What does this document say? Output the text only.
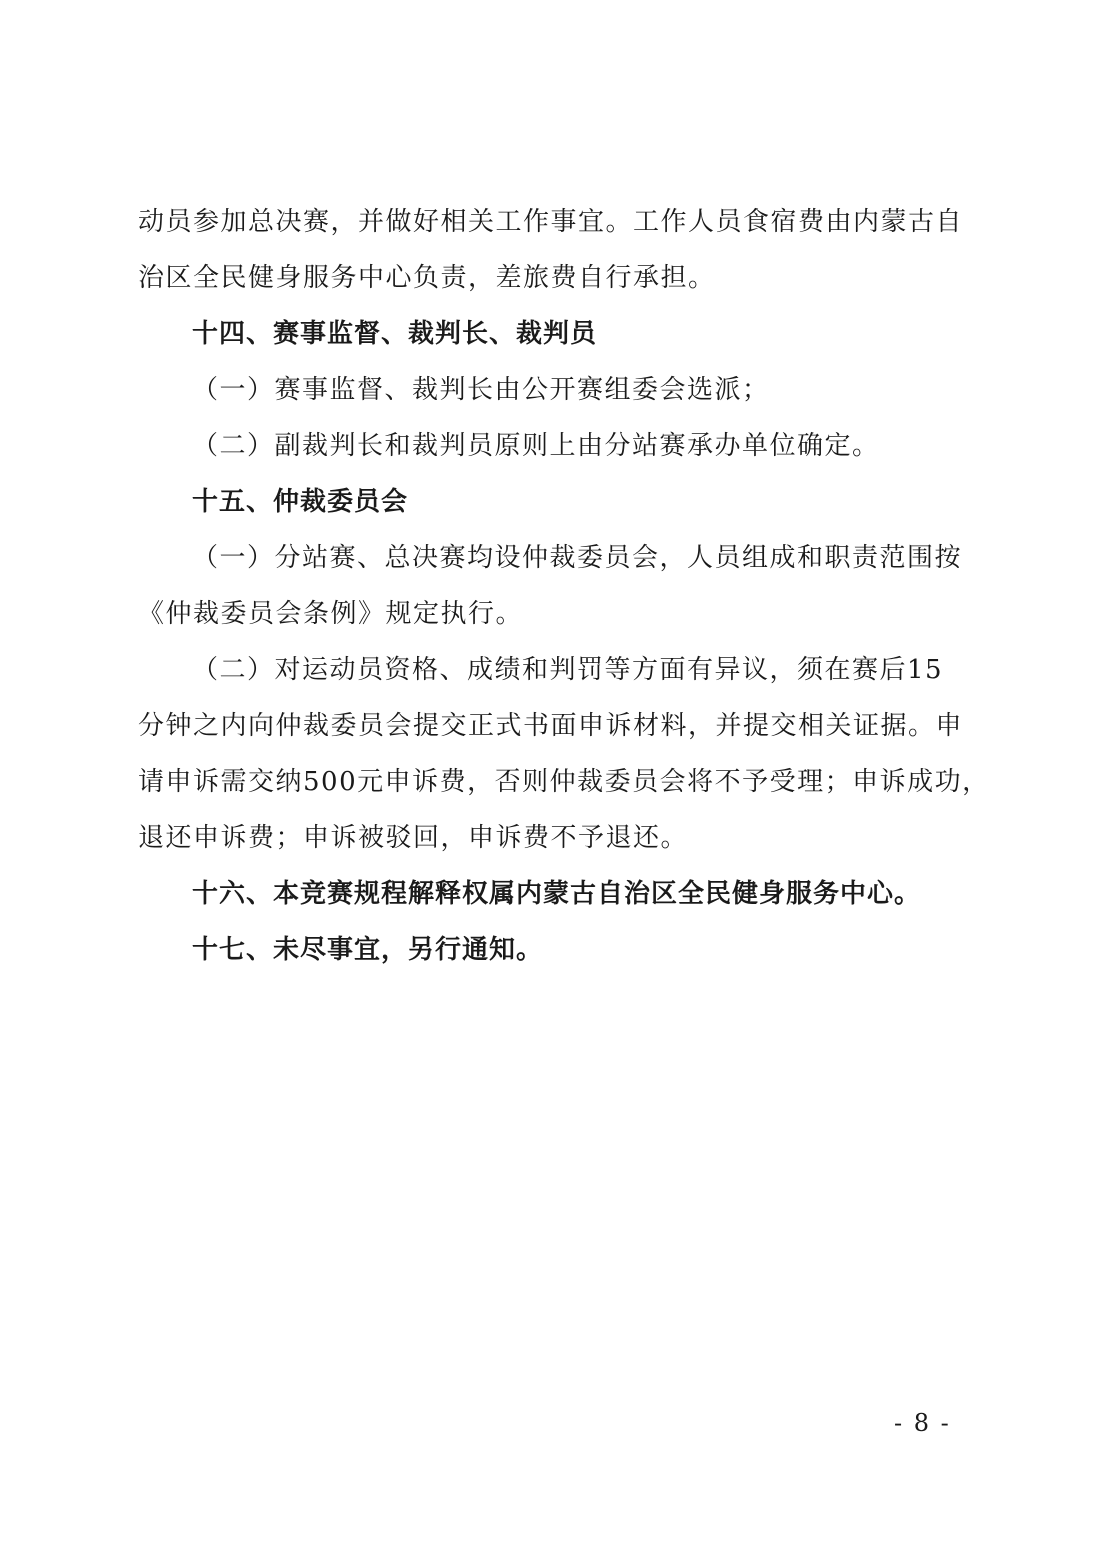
动员参加总决赛，并做好相关工作事宜。工作人员食宿费由内蒙古自
治区全民健身服务中心负责，差旅费自行承担。
十四、赛事监督、裁判长、裁判员
（一）赛事监督、裁判长由公开赛组委会选派；
（二）副裁判长和裁判员原则上由分站赛承办单位确定。
十五、仲裁委员会
（一）分站赛、总决赛均设仲裁委员会，人员组成和职责范围按
《仲裁委员会条例》规定执行。
（二）对运动员资格、成绩和判罚等方面有异议，须在赛后15
分钟之内向仲裁委员会提交正式书面申诉材料，并提交相关证据。申
请申诉需交纳500元申诉费，否则仲裁委员会将不予受理；申诉成功，
退还申诉费；申诉被驳回，申诉费不予退还。
十六、本竞赛规程解释权属内蒙古自治区全民健身服务中心。
十七、未尽事宜，另行通知。
- 8 -
